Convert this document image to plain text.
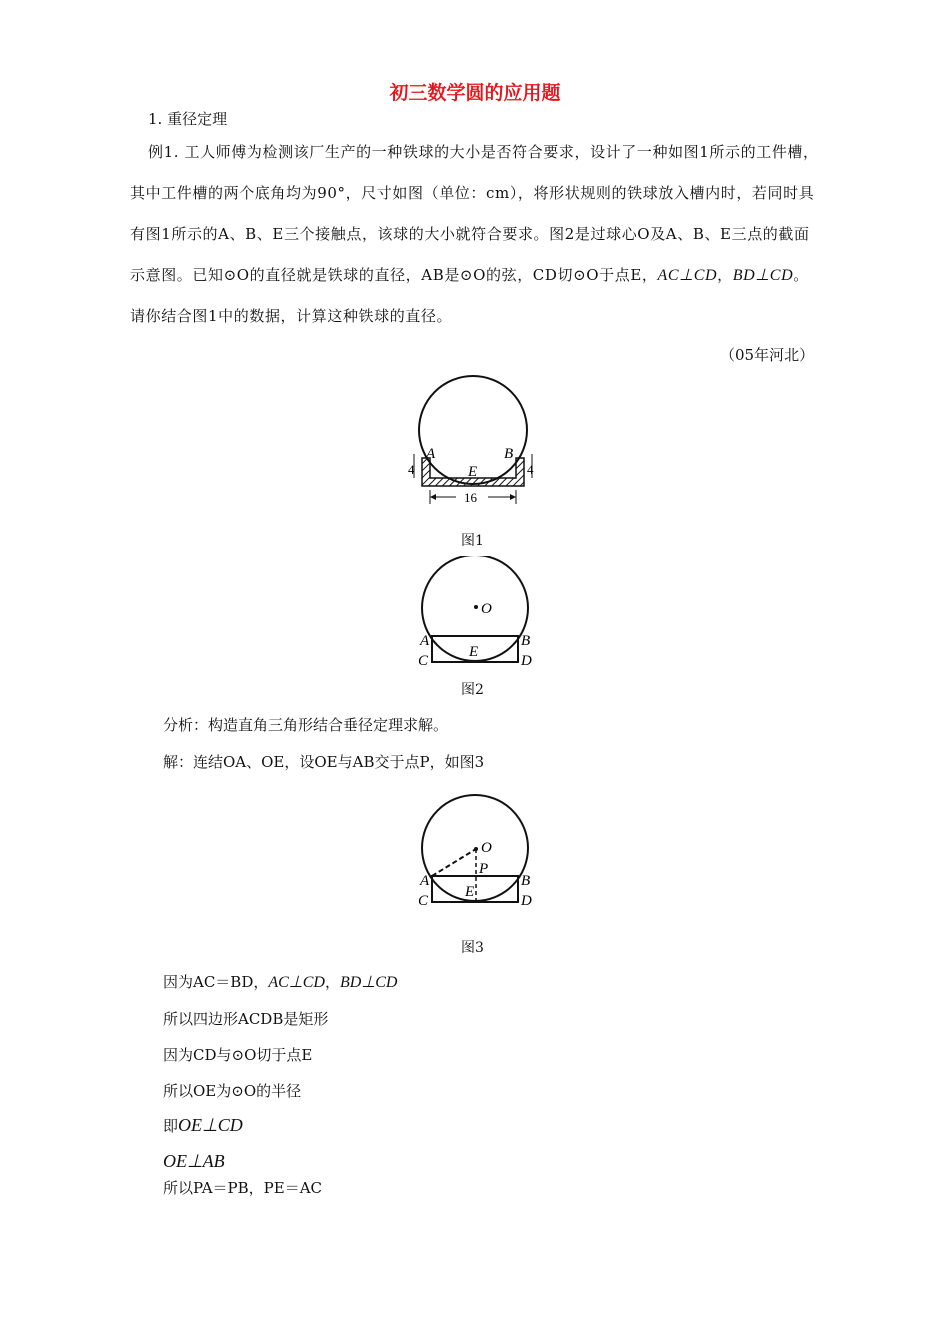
初三数学圆的应用题
1. 重径定理
例1. 工人师傅为检测该厂生产的一种铁球的大小是否符合要求，设计了一种如图1所示的工件槽，其中工件槽的两个底角均为90°，尺寸如图（单位：cm），将形状规则的铁球放入槽内时，若同时具有图1所示的A、B、E三个接触点，该球的大小就符合要求。图2是过球心O及A、B、E三点的截面示意图。已知⊙O的直径就是铁球的直径，AB是⊙O的弦，CD切⊙O于点E，AC⊥CD，BD⊥CD。请你结合图1中的数据，计算这种铁球的直径。
（05年河北）
A	B
E
4	4
16
图1
O
A	B
C	D
E
图2
分析：构造直角三角形结合垂径定理求解。
解：连结OA、OE，设OE与AB交于点P，如图3
O
P
A	B
C	D
E
图3
因为AC＝BD，AC⊥CD，BD⊥CD
所以四边形ACDB是矩形
因为CD与⊙O切于点E
所以OE为⊙O的半径
即OE⊥CD
OE⊥AB
所以PA＝PB，PE＝AC
